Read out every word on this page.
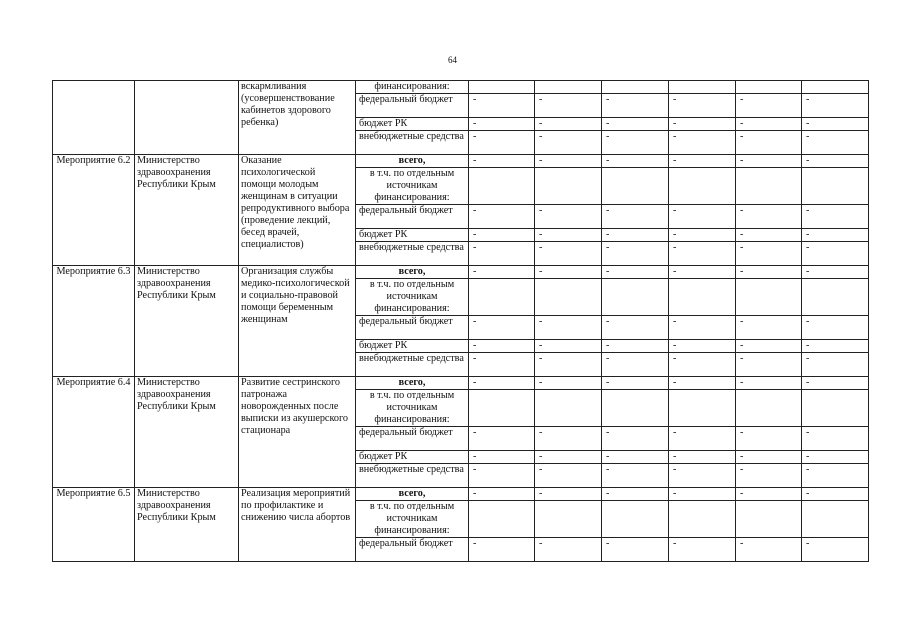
64
		вскармливания (усовершенствование кабинетов здорового ребенка)	финансирования:						
			федеральный бюджет	-	-	-	-	-	-
			бюджет РК	-	-	-	-	-	-
			внебюджетные средства	-	-	-	-	-	-
Мероприятие 6.2	Министерство здравоохранения Республики Крым	Оказание психологической помощи молодым женщинам в ситуации репродуктивного выбора (проведение лекций, бесед врачей, специалистов)	всего,	-	-	-	-	-	-
			в т.ч. по отдельным источникам финансирования:						
			федеральный бюджет	-	-	-	-	-	-
			бюджет РК	-	-	-	-	-	-
			внебюджетные средства	-	-	-	-	-	-
Мероприятие 6.3	Министерство здравоохранения Республики Крым	Организация службы медико-психологической и социально-правовой помощи беременным женщинам	всего,	-	-	-	-	-	-
			в т.ч. по отдельным источникам финансирования:						
			федеральный бюджет	-	-	-	-	-	-
			бюджет РК	-	-	-	-	-	-
			внебюджетные средства	-	-	-	-	-	-
Мероприятие 6.4	Министерство здравоохранения Республики Крым	Развитие сестринского патронажа новорожденных после выписки из акушерского стационара	всего,	-	-	-	-	-	-
			в т.ч. по отдельным источникам финансирования:						
			федеральный бюджет	-	-	-	-	-	-
			бюджет РК	-	-	-	-	-	-
			внебюджетные средства	-	-	-	-	-	-
Мероприятие 6.5	Министерство здравоохранения Республики Крым	Реализация мероприятий по профилактике и снижению числа абортов	всего,	-	-	-	-	-	-
			в т.ч. по отдельным источникам финансирования:						
			федеральный бюджет	-	-	-	-	-	-
